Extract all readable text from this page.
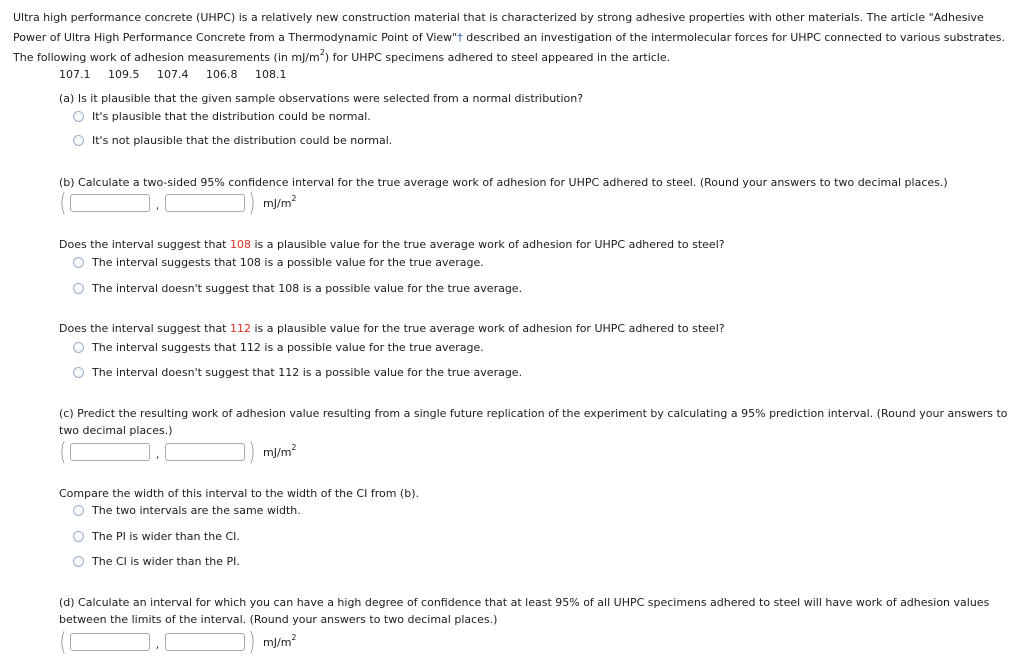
Ultra high performance concrete (UHPC) is a relatively new construction material that is characterized by strong adhesive properties with other materials. The article "Adhesive Power of Ultra High Performance Concrete from a Thermodynamic Point of View"† described an investigation of the intermolecular forces for UHPC connected to various substrates. The following work of adhesion measurements (in $mJ/m^2$) for UHPC specimens adhered to steel appeared in the article.
107.1 109.5 107.4 106.8 108.1
(a) Is it plausible that the given sample observations were selected from a normal distribution?
It's plausible that the distribution could be normal.
It's not plausible that the distribution could be normal.
(b) Calculate a two-sided 95% confidence interval for the true average work of adhesion for UHPC adhered to steel. (Round your answers to two decimal places.)
(	,	) $mJ/m^2$
Does the interval suggest that 108 is a plausible value for the true average work of adhesion for UHPC adhered to steel?
The interval suggests that 108 is a possible value for the true average.
The interval doesn't suggest that 108 is a possible value for the true average.
Does the interval suggest that 112 is a plausible value for the true average work of adhesion for UHPC adhered to steel?
The interval suggests that 112 is a possible value for the true average.
The interval doesn't suggest that 112 is a possible value for the true average.
(c) Predict the resulting work of adhesion value resulting from a single future replication of the experiment by calculating a 95% prediction interval. (Round your answers to two decimal places.)
(	,	) $mJ/m^2$
Compare the width of this interval to the width of the CI from (b).
The two intervals are the same width.
The PI is wider than the CI.
The CI is wider than the PI.
(d) Calculate an interval for which you can have a high degree of confidence that at least 95% of all UHPC specimens adhered to steel will have work of adhesion values between the limits of the interval. (Round your answers to two decimal places.)
(	,	) $mJ/m^2$
